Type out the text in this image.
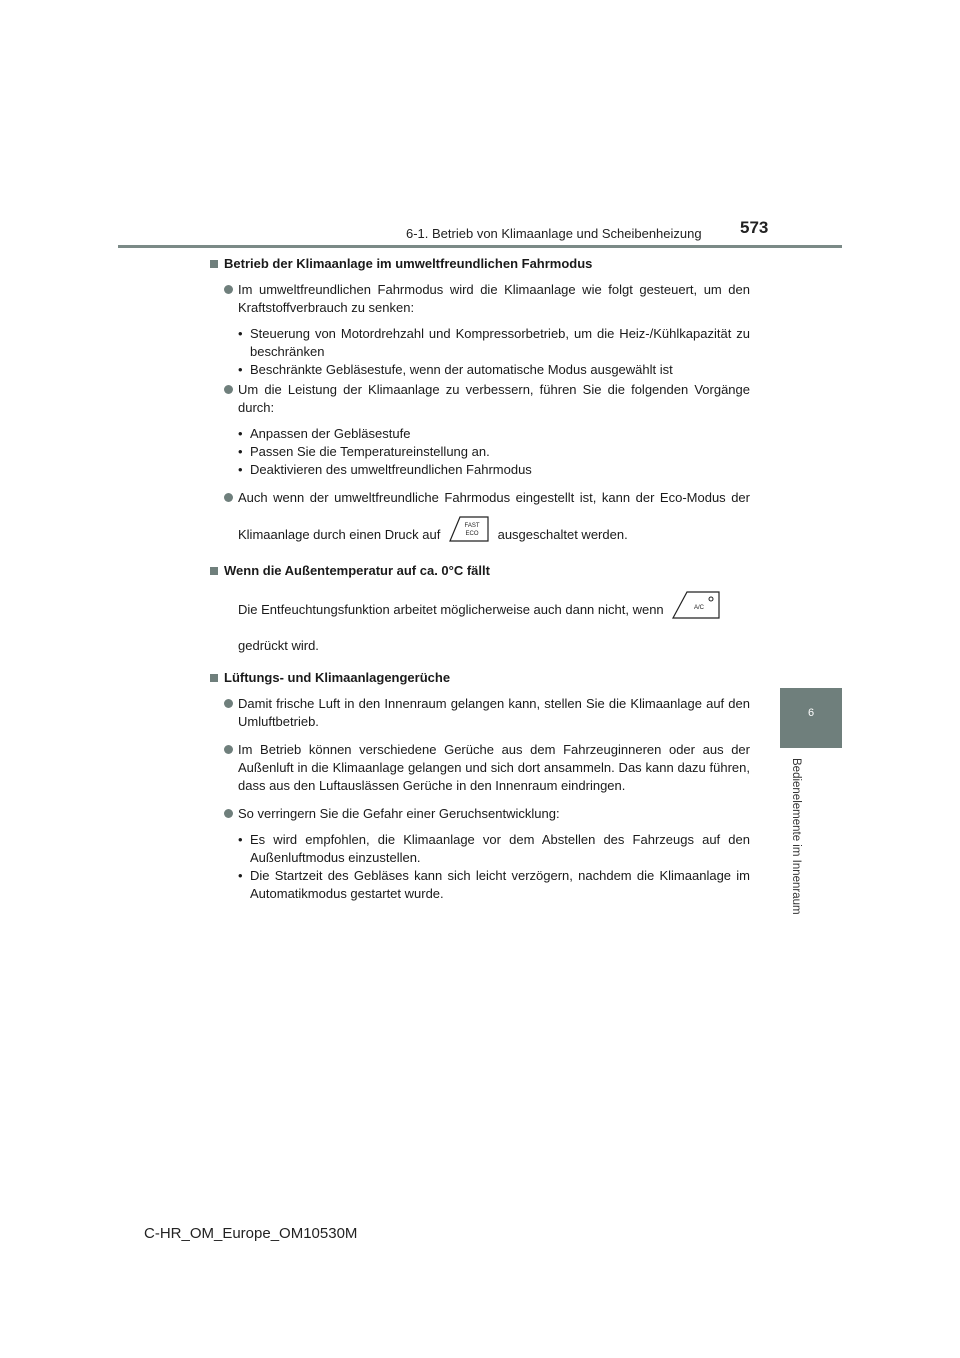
6-1. Betrieb von Klimaanlage und Scheibenheizung 573
6
Bedienelemente im Innenraum
Betrieb der Klimaanlage im umweltfreundlichen Fahrmodus
Im umweltfreundlichen Fahrmodus wird die Klimaanlage wie folgt gesteuert, um den Kraftstoffverbrauch zu senken:
• Steuerung von Motordrehzahl und Kompressorbetrieb, um die Heiz-/Kühlkapazität zu beschränken
• Beschränkte Gebläsestufe, wenn der automatische Modus ausgewählt ist
Um die Leistung der Klimaanlage zu verbessern, führen Sie die folgenden Vorgänge durch:
• Anpassen der Gebläsestufe
• Passen Sie die Temperatureinstellung an.
• Deaktivieren des umweltfreundlichen Fahrmodus
Auch wenn der umweltfreundliche Fahrmodus eingestellt ist, kann der Eco-Modus der Klimaanlage durch einen Druck auf
FAST
ECO ausgeschaltet werden.
Wenn die Außentemperatur auf ca. 0°C fällt
Die Entfeuchtungsfunktion arbeitet möglicherweise auch dann nicht, wenn	A/C

gedrückt wird.
Lüftungs- und Klimaanlagengerüche
Damit frische Luft in den Innenraum gelangen kann, stellen Sie die Klimaanlage auf den Umluftbetrieb.
Im Betrieb können verschiedene Gerüche aus dem Fahrzeuginneren oder aus der Außenluft in die Klimaanlage gelangen und sich dort ansammeln. Das kann dazu führen, dass aus den Luftauslässen Gerüche in den Innenraum eindringen.
So verringern Sie die Gefahr einer Geruchsentwicklung:
• Es wird empfohlen, die Klimaanlage vor dem Abstellen des Fahrzeugs auf den Außenluftmodus einzustellen.
• Die Startzeit des Gebläses kann sich leicht verzögern, nachdem die Klimaanlage im Automatikmodus gestartet wurde.
C-HR_OM_Europe_OM10530M
